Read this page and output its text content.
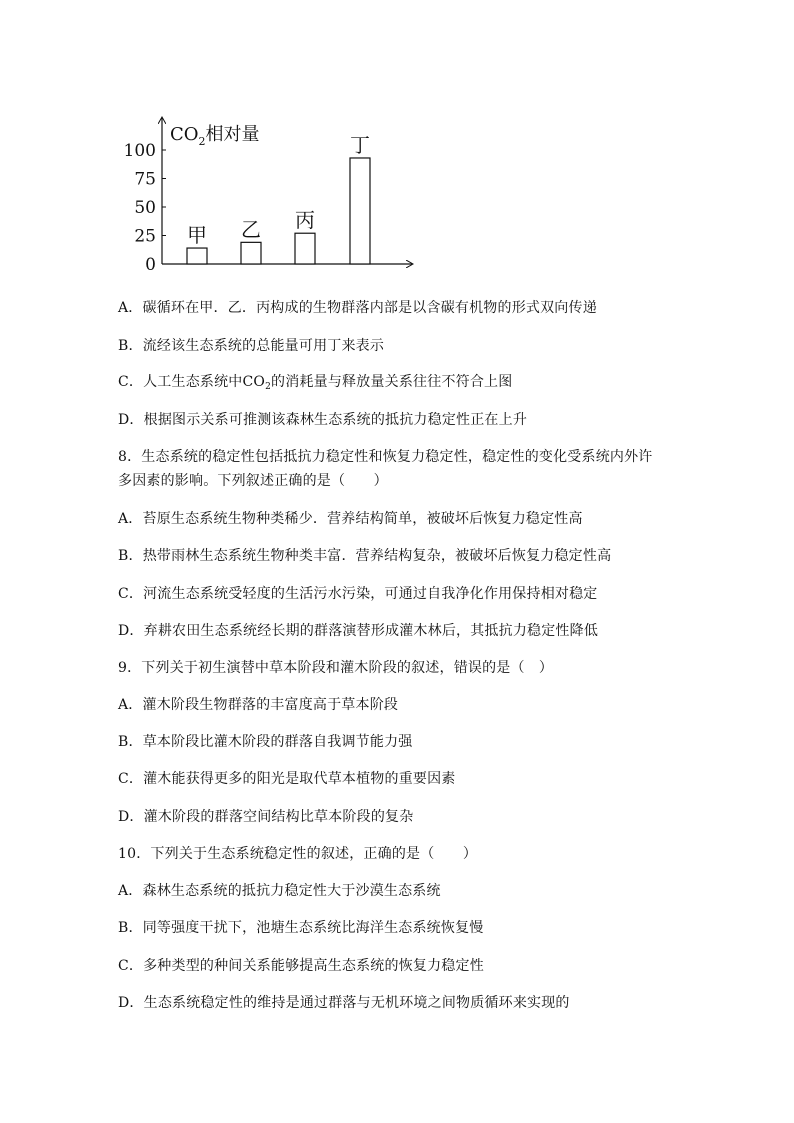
$CO_2$相对量
100
75
50
25
0
甲 乙 丙
丁
A．碳循环在甲．乙．丙构成的生物群落内部是以含碳有机物的形式双向传递
B．流经该生态系统的总能量可用丁来表示
C．人工生态系统中$CO_2$的消耗量与释放量关系往往不符合上图
D．根据图示关系可推测该森林生态系统的抵抗力稳定性正在上升
8．生态系统的稳定性包括抵抗力稳定性和恢复力稳定性，稳定性的变化受系统内外许
多因素的影响。下列叙述正确的是（　　）
A．苔原生态系统生物种类稀少．营养结构简单，被破坏后恢复力稳定性高
B．热带雨林生态系统生物种类丰富．营养结构复杂，被破坏后恢复力稳定性高
C．河流生态系统受轻度的生活污水污染，可通过自我净化作用保持相对稳定
D．弃耕农田生态系统经长期的群落演替形成灌木林后，其抵抗力稳定性降低
9．下列关于初生演替中草本阶段和灌木阶段的叙述，错误的是（　）
A．灌木阶段生物群落的丰富度高于草本阶段
B．草本阶段比灌木阶段的群落自我调节能力强
C．灌木能获得更多的阳光是取代草本植物的重要因素
D．灌木阶段的群落空间结构比草本阶段的复杂
10．下列关于生态系统稳定性的叙述，正确的是（　　）
A．森林生态系统的抵抗力稳定性大于沙漠生态系统
B．同等强度干扰下，池塘生态系统比海洋生态系统恢复慢
C．多种类型的种间关系能够提高生态系统的恢复力稳定性
D．生态系统稳定性的维持是通过群落与无机环境之间物质循环来实现的
